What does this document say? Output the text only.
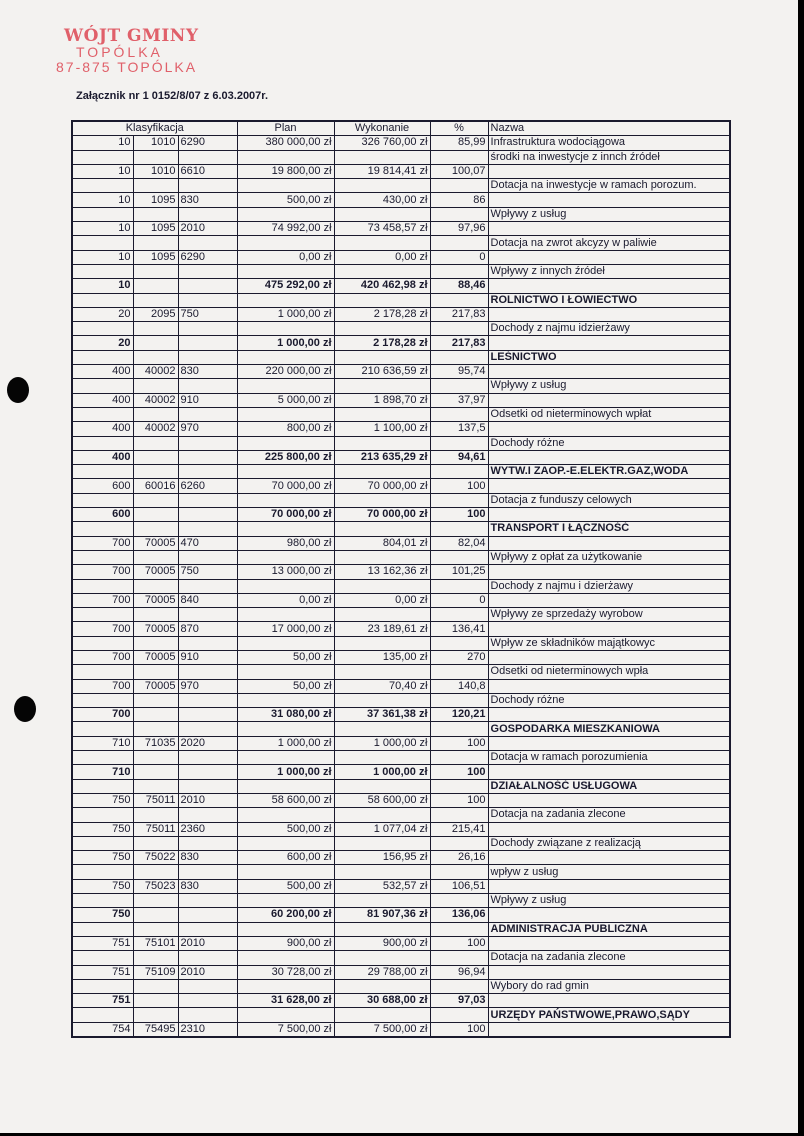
WÓJT GMINY
TOPÓLKA
87-875 TOPÓLKA
Załącznik nr 1 0152/8/07 z 6.03.2007r.
Klasyfikacja			Plan	Wykonanie	%	Nazwa
10	1010	6290	380 000,00 zł	326 760,00 zł	85,99	Infrastruktura wodociągowa
						środki na inwestycje z innch źródeł
10	1010	6610	19 800,00 zł	19 814,41 zł	100,07	
						Dotacja na inwestycje w ramach porozum.
10	1095	830	500,00 zł	430,00 zł	86	
						Wpływy z usług
10	1095	2010	74 992,00 zł	73 458,57 zł	97,96	
						Dotacja na zwrot akcyzy w paliwie
10	1095	6290	0,00 zł	0,00 zł	0	
						Wpływy z innych źródeł
10			475 292,00 zł	420 462,98 zł	88,46	
						ROLNICTWO I ŁOWIECTWO
20	2095	750	1 000,00 zł	2 178,28 zł	217,83	
						Dochody z najmu idzierżawy
20			1 000,00 zł	2 178,28 zł	217,83	
						LEŚNICTWO
400	40002	830	220 000,00 zł	210 636,59 zł	95,74	
						Wpływy z usług
400	40002	910	5 000,00 zł	1 898,70 zł	37,97	
						Odsetki od nieterminowych wpłat
400	40002	970	800,00 zł	1 100,00 zł	137,5	
						Dochody różne
400			225 800,00 zł	213 635,29 zł	94,61	
						WYTW.I ZAOP.-E.ELEKTR.GAZ,WODA
600	60016	6260	70 000,00 zł	70 000,00 zł	100	
						Dotacja z funduszy celowych
600			70 000,00 zł	70 000,00 zł	100	
						TRANSPORT I ŁĄCZNOŚĆ
700	70005	470	980,00 zł	804,01 zł	82,04	
						Wpływy z opłat za użytkowanie
700	70005	750	13 000,00 zł	13 162,36 zł	101,25	
						Dochody z najmu i dzierżawy
700	70005	840	0,00 zł	0,00 zł	0	
						Wpływy ze sprzedaży wyrobow
700	70005	870	17 000,00 zł	23 189,61 zł	136,41	
						Wpływ ze składników majątkowyc
700	70005	910	50,00 zł	135,00 zł	270	
						Odsetki od nieterminowych wpła
700	70005	970	50,00 zł	70,40 zł	140,8	
						Dochody różne
700			31 080,00 zł	37 361,38 zł	120,21	
						GOSPODARKA MIESZKANIOWA
710	71035	2020	1 000,00 zł	1 000,00 zł	100	
						Dotacja w ramach porozumienia
710			1 000,00 zł	1 000,00 zł	100	
						DZIAŁALNOŚĆ USŁUGOWA
750	75011	2010	58 600,00 zł	58 600,00 zł	100	
						Dotacja na zadania zlecone
750	75011	2360	500,00 zł	1 077,04 zł	215,41	
						Dochody związane z realizacją
750	75022	830	600,00 zł	156,95 zł	26,16	
						wpływ z usług
750	75023	830	500,00 zł	532,57 zł	106,51	
						Wpływy z usług
750			60 200,00 zł	81 907,36 zł	136,06	
						ADMINISTRACJA PUBLICZNA
751	75101	2010	900,00 zł	900,00 zł	100	
						Dotacja na zadania zlecone
751	75109	2010	30 728,00 zł	29 788,00 zł	96,94	
						Wybory do rad gmin
751			31 628,00 zł	30 688,00 zł	97,03	
						URZĘDY PAŃSTWOWE,PRAWO,SĄDY
754	75495	2310	7 500,00 zł	7 500,00 zł	100	
